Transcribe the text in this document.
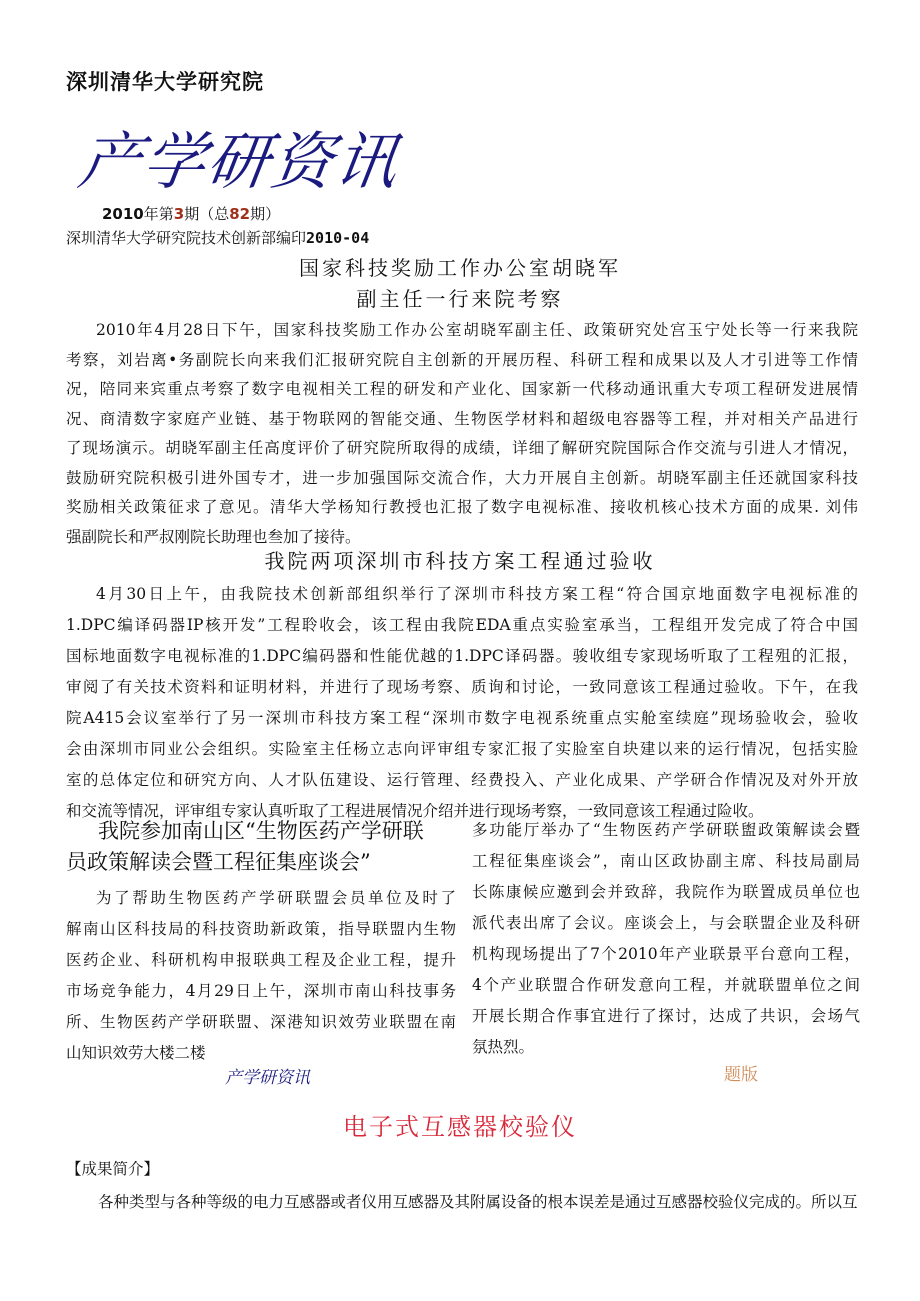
深圳清华大学研究院
产学研资讯
2010年第3期（总82期）
深圳清华大学研究院技术创新部编印2010-04
国家科技奖励工作办公室胡晓军
副主任一行来院考察
2010年4月28日下午，国家科技奖励工作办公室胡晓军副主任、政策研究处宫玉宁处长等一行来我院
考察，刘岩离•务副院长向来我们汇报研究院自主创新的开展历程、科研工程和成果以及人才引进等工作情
况，陪同来宾重点考察了数字电视相关工程的研发和产业化、国家新一代移动通讯重大专项工程研发进展情
况、商清数字家庭产业链、基于物联网的智能交通、生物医学材料和超级电容器等工程，并对相关产品进行
了现场演示。胡晓军副主任高度评价了研究院所取得的成绩，详细了解研究院国际合作交流与引进人才情况，
鼓励研究院积极引进外国专才，进一步加强国际交流合作，大力开展自主创新。胡晓军副主任还就国家科技
奖励相关政策征求了意见。清华大学杨知行教授也汇报了数字电视标准、接收机核心技术方面的成果. 刘伟
强副院长和严叔刚院长助理也叁加了接待。
我院两项深圳市科技方案工程通过验收
4月30日上午，由我院技术创新部组织举行了深圳市科技方案工程“符合国京地面数字电视标准的
1.DPC编译码器IP核开发”工程聆收会，该工程由我院EDA重点实验室承当，工程组开发完成了符合中国
国标地面数字电视标准的1.DPC编码器和性能优越的1.DPC译码器。骏收组专家现场听取了工程殂的汇报，
审阅了有关技术资料和证明材料，并进行了现场考察、质询和讨论，一致同意该工程通过验收。下午，在我
院A415会议室举行了另一深圳市科技方案工程“深圳市数字电视系统重点实舱室续庭”现场验收会，验收
会由深圳市同业公会组织。实险室主任杨立志向评审组专家汇报了实脸室自块建以来的运行情况，包括实脸
室的总体定位和研究方向、人才队伍建设、运行管理、经费投入、产业化成果、产学研合作情况及对外开放
和交流等情况，评审组专家认真听取了工程进展情况介绍并进行现场考察，一致同意该工程通过险收。
我院参加南山区“生物医药产学研联
员政策解读会暨工程征集座谈会”
为了帮助生物医药产学研联盟会员单位及时了
解南山区科技局的科技资助新政策，指导联盟内生物
医药企业、科研机构申报联典工程及企业工程，提升
市场竞争能力，4月29日上午，深圳市南山科技事务
所、生物医药产学研联盟、深港知识效劳业联盟在南
山知识效劳大楼二楼
多功能厅举办了“生物医药产学研联盥政策解读会暨
工程征集座谈会”，南山区政协副主席、科技局副局
长陈康候应邀到会并致辞，我院作为联置成员单位也
派代表出席了会议。座谈会上，与会联盟企业及科研
机构现场提出了7个2010年产业联景平台意向工程，
4个产业联盟合作研发意向工程，并就联盟单位之间
开展长期合作事宜进行了探讨，达成了共识，会场气
氛热烈。
产学研资讯	题版
电子式互感器校验仪
【成果简介】
各种类型与各种等级的电力互感器或者仪用互感器及其附属设备的根本误差是通过互感器校验仪完成的。所以互
